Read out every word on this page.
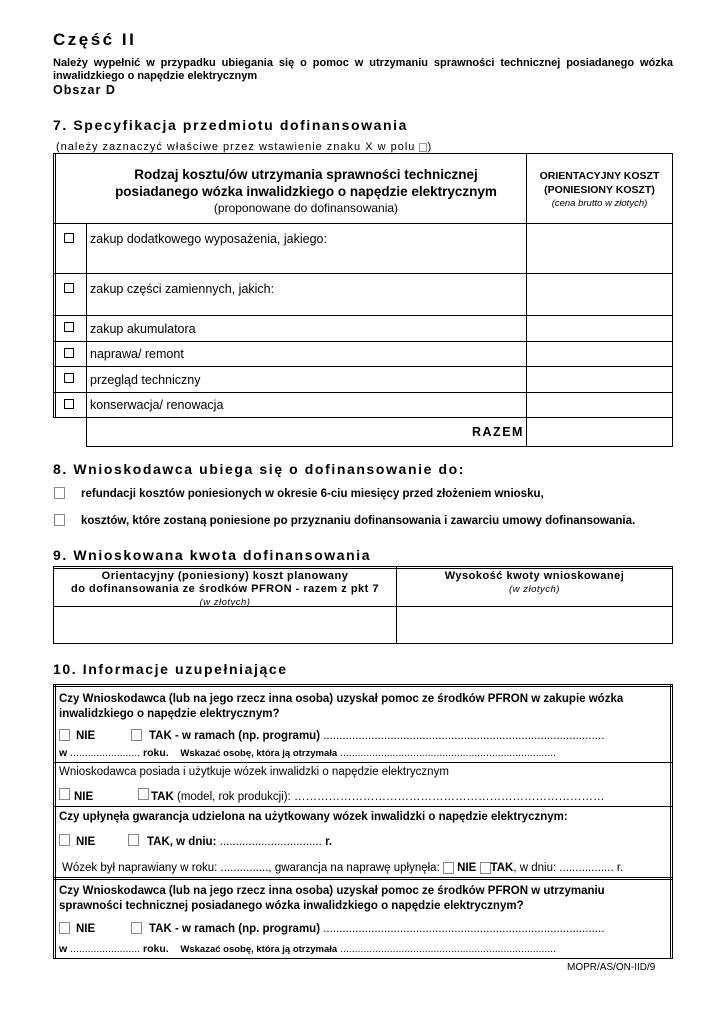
Część II
Należy wypełnić w przypadku ubiegania się o pomoc w utrzymaniu sprawności technicznej posiadanego wózka inwalidzkiego o napędzie elektrycznym
Obszar D
7. Specyfikacja przedmiotu dofinansowania
(należy zaznaczyć właściwe przez wstawienie znaku X w polu )
Rodzaj kosztu/ów utrzymania sprawności technicznej
posiadanego wózka inwalidzkiego o napędzie elektrycznym
(proponowane do dofinansowania)
ORIENTACYJNY KOSZT
(PONIESIONY KOSZT)
(cena brutto w złotych)
zakup dodatkowego wyposażenia, jakiego:
zakup części zamiennych, jakich:
zakup akumulatora
naprawa/ remont
przegląd techniczny
konserwacja/ renowacja
RAZEM
8. Wnioskodawca ubiega się o dofinansowanie do:
refundacji kosztów poniesionych w okresie 6-ciu miesięcy przed złożeniem wniosku,
kosztów, które zostaną poniesione po przyznaniu dofinansowania i zawarciu umowy dofinansowania.
9. Wnioskowana kwota dofinansowania
Orientacyjny (poniesiony) koszt planowany
do dofinansowania ze środków PFRON - razem z pkt 7
(w złotych)
Wysokość kwoty wnioskowanej
(w złotych)
10. Informacje uzupełniające
Czy Wnioskodawca (lub na jego rzecz inna osoba) uzyskał pomoc ze środków PFRON w zakupie wózka
inwalidzkiego o napędzie elektrycznym?
NIE	TAK - w ramach (np. programu) ........................................................................................
w ........................ roku. Wskazać osobę, która ją otrzymała ..........................................................................
Wnioskodawca posiada i użytkuje wózek inwalidzki o napędzie elektrycznym
NIE	TAK (model, rok produkcji): ………………………………………………………………………
Czy upłynęła gwarancja udzielona na użytkowany wózek inwalidzki o napędzie elektrycznym:
NIE	TAK, w dniu: ................................ r.
Wózek był naprawiany w roku: ..............., gwarancja na naprawę upłynęła: NIE TAK, w dniu: ................. r.
Czy Wnioskodawca (lub na jego rzecz inna osoba) uzyskał pomoc ze środków PFRON w utrzymaniu
sprawności technicznej posiadanego wózka inwalidzkiego o napędzie elektrycznym?
NIE	TAK - w ramach (np. programu) ........................................................................................
w ........................ roku. Wskazać osobę, która ją otrzymała ..........................................................................
MOPR/AS/ON-IID/9
